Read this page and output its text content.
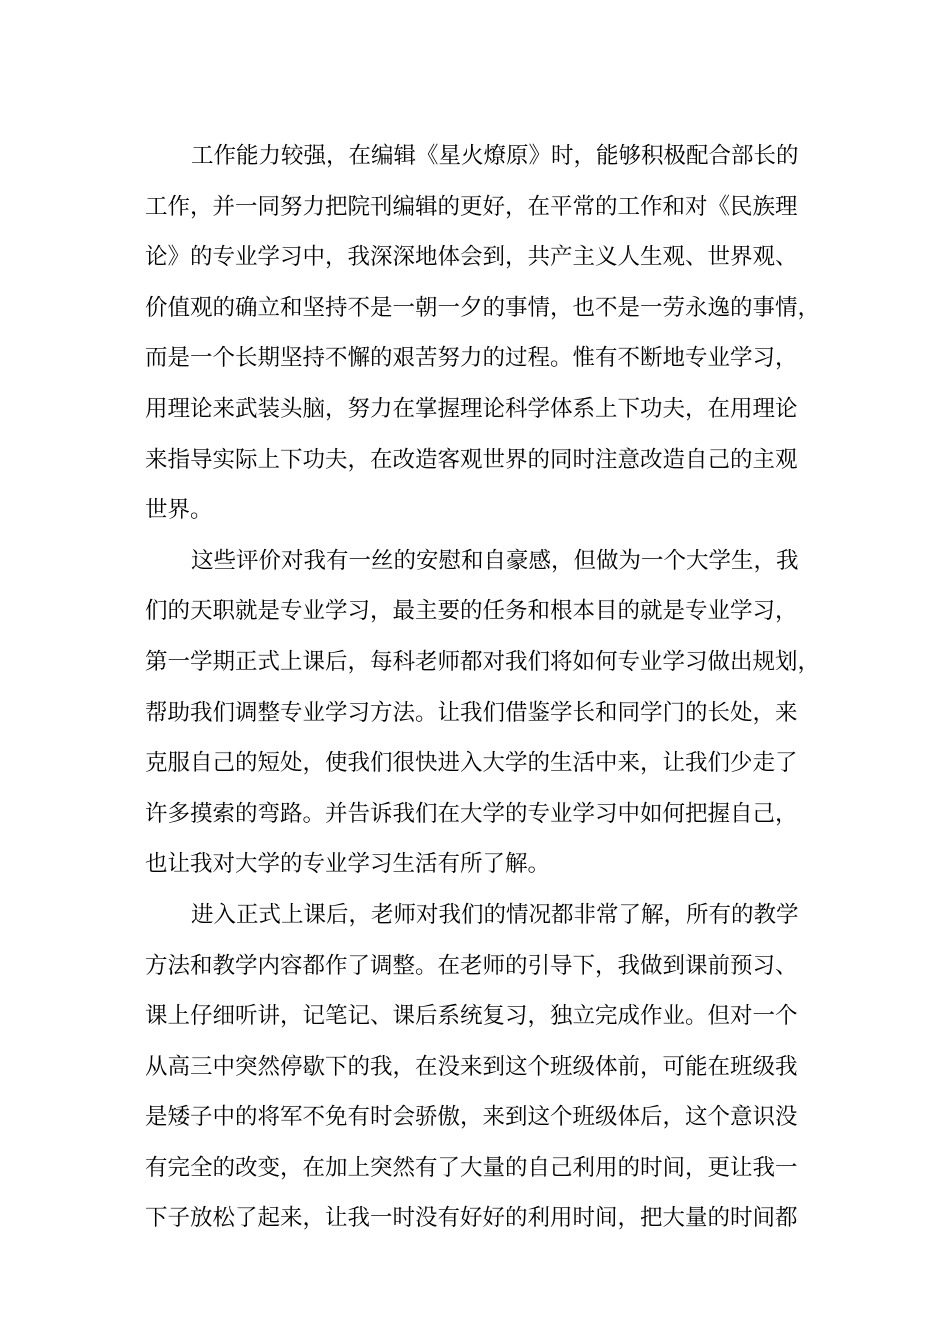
工作能力较强，在编辑《星火燎原》时，能够积极配合部长的
工作，并一同努力把院刊编辑的更好，在平常的工作和对《民族理
论》的专业学习中，我深深地体会到，共产主义人生观、世界观、
价值观的确立和坚持不是一朝一夕的事情，也不是一劳永逸的事情，
而是一个长期坚持不懈的艰苦努力的过程。惟有不断地专业学习，
用理论来武装头脑，努力在掌握理论科学体系上下功夫，在用理论
来指导实际上下功夫，在改造客观世界的同时注意改造自己的主观
世界。
这些评价对我有一丝的安慰和自豪感，但做为一个大学生，我
们的天职就是专业学习，最主要的任务和根本目的就是专业学习，
第一学期正式上课后，每科老师都对我们将如何专业学习做出规划，
帮助我们调整专业学习方法。让我们借鉴学长和同学门的长处，来
克服自己的短处，使我们很快进入大学的生活中来，让我们少走了
许多摸索的弯路。并告诉我们在大学的专业学习中如何把握自己，
也让我对大学的专业学习生活有所了解。
进入正式上课后，老师对我们的情况都非常了解，所有的教学
方法和教学内容都作了调整。在老师的引导下，我做到课前预习、
课上仔细听讲，记笔记、课后系统复习，独立完成作业。但对一个
从高三中突然停歇下的我，在没来到这个班级体前，可能在班级我
是矮子中的将军不免有时会骄傲，来到这个班级体后，这个意识没
有完全的改变，在加上突然有了大量的自己利用的时间，更让我一
下子放松了起来，让我一时没有好好的利用时间，把大量的时间都
